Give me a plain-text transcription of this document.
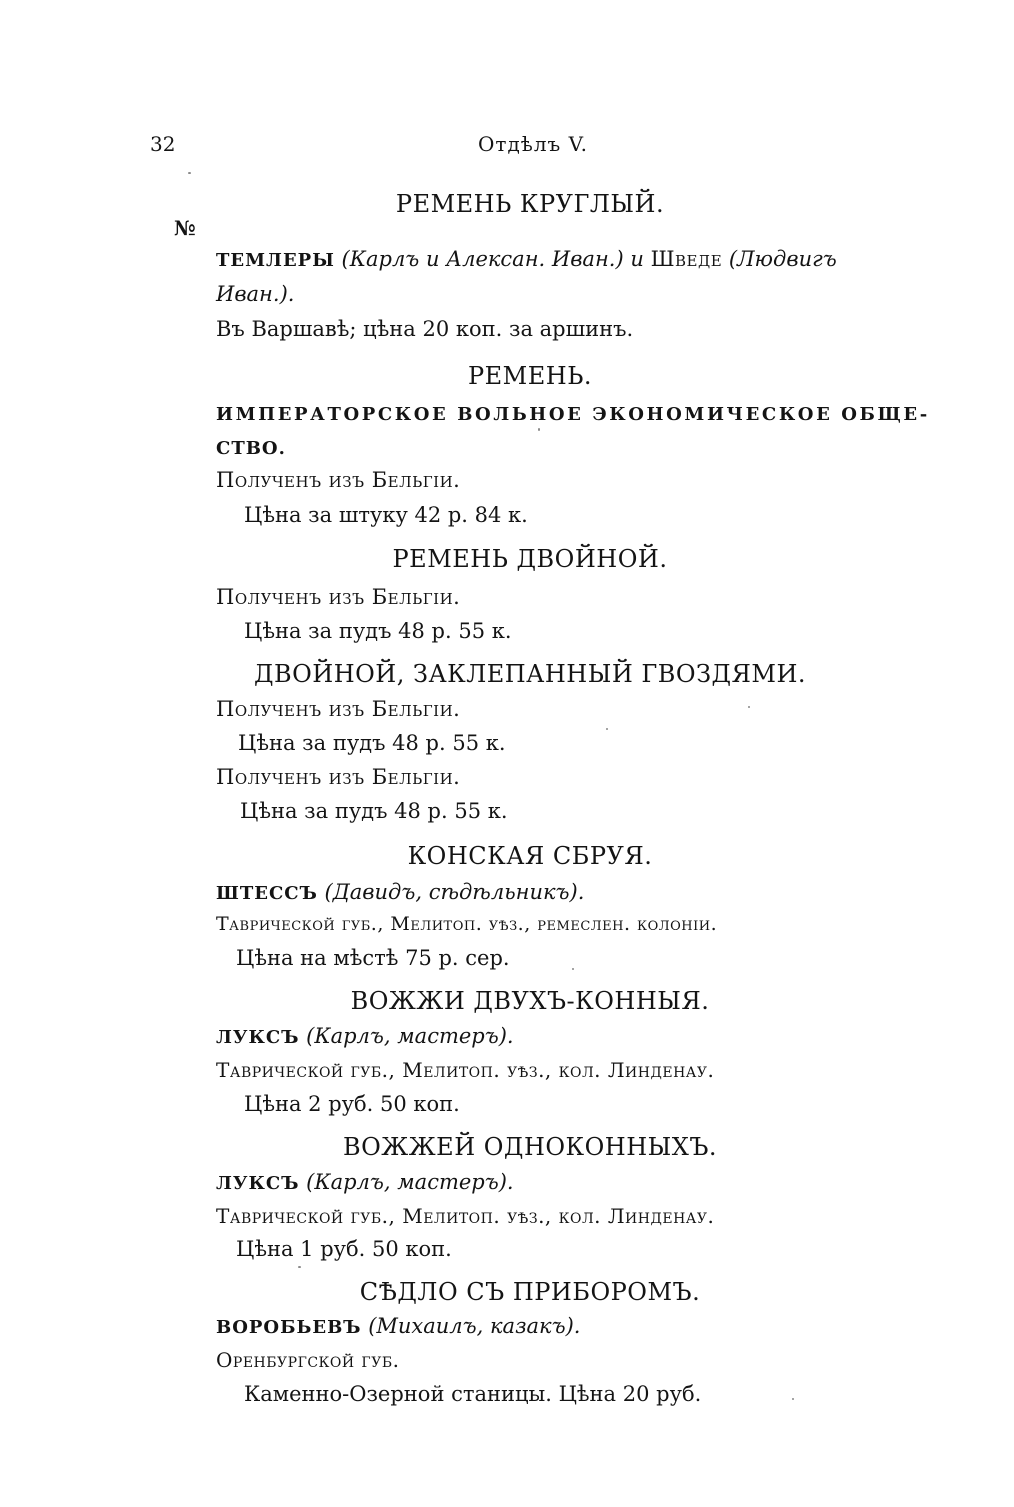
32	Отдѣлъ V.
№
РЕМЕНЬ КРУГЛЫЙ.
ТЕМЛЕРЫ (Карлъ и Алексан. Иван.) и Шведе (Людвигъ
Иван.).
Въ Варшавѣ; цѣна 20 коп. за аршинъ.
РЕМЕНЬ.
ИМПЕРАТОРСКОЕ ВОЛЬНОЕ ЭКОНОМИЧЕСКОЕ ОБЩЕ-
СТВО.
Полученъ изъ Бельгіи.
Цѣна за штуку 42 р. 84 к.
РЕМЕНЬ ДВОЙНОЙ.
Полученъ изъ Бельгіи.
Цѣна за пудъ 48 р. 55 к.
ДВОЙНОЙ, ЗАКЛЕПАННЫЙ ГВОЗДЯМИ.
Полученъ изъ Бельгіи.
Цѣна за пудъ 48 р. 55 к.
Полученъ изъ Бельгіи.
Цѣна за пудъ 48 р. 55 к.
КОНСКАЯ СБРУЯ.
ШТЕССЪ (Давидъ, сѣдѣльникъ).
Таврической губ., Мелитоп. уѣз., ремеслен. колоніи.
Цѣна на мѣстѣ 75 р. сер.
ВОЖЖИ ДВУХЪ-КОННЫЯ.
ЛУКСЪ (Карлъ, мастеръ).
Таврической губ., Мелитоп. уѣз., кол. Линденау.
Цѣна 2 руб. 50 коп.
ВОЖЖЕЙ ОДНОКОННЫХЪ.
ЛУКСЪ (Карлъ, мастеръ).
Таврической губ., Мелитоп. уѣз., кол. Линденау.
Цѣна 1 руб. 50 коп.
СѢДЛО СЪ ПРИБОРОМЪ.
ВОРОБЬЕВЪ (Михаилъ, казакъ).
Оренбургской губ.
Каменно-Озерной станицы. Цѣна 20 руб.
